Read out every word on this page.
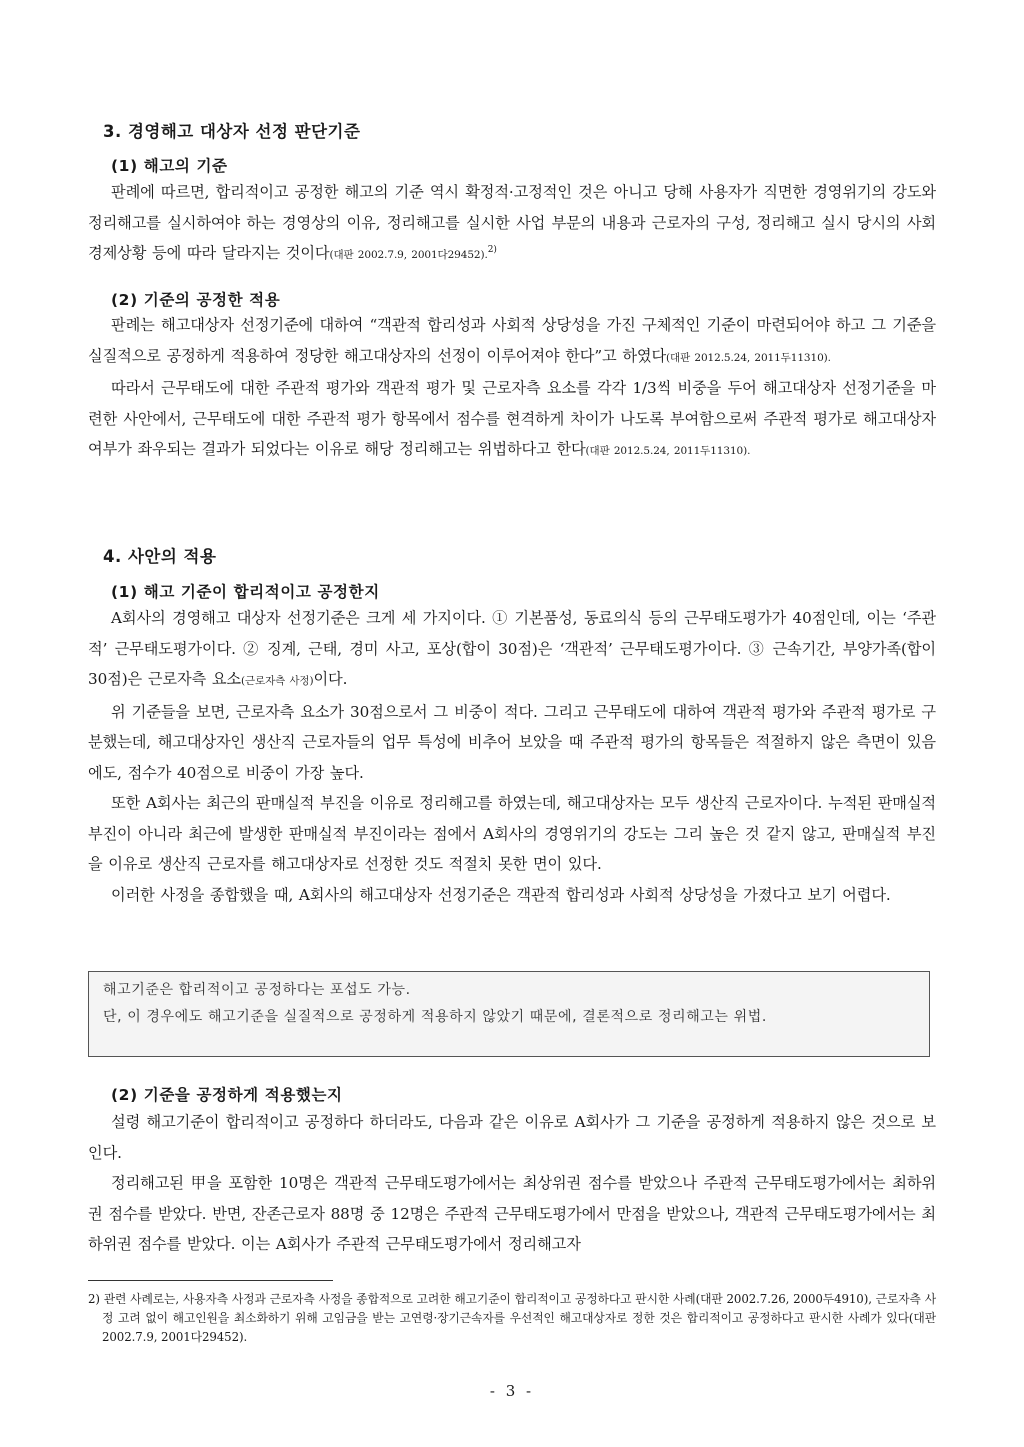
3. 경영해고 대상자 선정 판단기준
(1) 해고의 기준

판례에 따르면, 합리적이고 공정한 해고의 기준 역시 확정적·고정적인 것은 아니고 당해 사용자가 직면한 경영위기의 강도와 정리해고를 실시하여야 하는 경영상의 이유, 정리해고를 실시한 사업 부문의 내용과 근로자의 구성, 정리해고 실시 당시의 사회경제상황 등에 따라 달라지는 것이다(대판 2002.7.9, 2001다29452).$^{2)}$

(2) 기준의 공정한 적용

판례는 해고대상자 선정기준에 대하여 “객관적 합리성과 사회적 상당성을 가진 구체적인 기준이 마련되어야 하고 그 기준을 실질적으로 공정하게 적용하여 정당한 해고대상자의 선정이 이루어져야 한다”고 하였다(대판 2012.5.24, 2011두11310).

따라서 근무태도에 대한 주관적 평가와 객관적 평가 및 근로자측 요소를 각각 1/3씩 비중을 두어 해고대상자 선정기준을 마련한 사안에서, 근무태도에 대한 주관적 평가 항목에서 점수를 현격하게 차이가 나도록 부여함으로써 주관적 평가로 해고대상자 여부가 좌우되는 결과가 되었다는 이유로 해당 정리해고는 위법하다고 한다(대판 2012.5.24, 2011두11310).

4. 사안의 적용
(1) 해고 기준이 합리적이고 공정한지

A회사의 경영해고 대상자 선정기준은 크게 세 가지이다. ① 기본품성, 동료의식 등의 근무태도평가가 40점인데, 이는 ‘주관적’ 근무태도평가이다. ② 징계, 근태, 경미 사고, 포상(합이 30점)은 ‘객관적’ 근무태도평가이다. ③ 근속기간, 부양가족(합이 30점)은 근로자측 요소(근로자측 사정)이다.

위 기준들을 보면, 근로자측 요소가 30점으로서 그 비중이 적다. 그리고 근무태도에 대하여 객관적 평가와 주관적 평가로 구분했는데, 해고대상자인 생산직 근로자들의 업무 특성에 비추어 보았을 때 주관적 평가의 항목들은 적절하지 않은 측면이 있음에도, 점수가 40점으로 비중이 가장 높다.

또한 A회사는 최근의 판매실적 부진을 이유로 정리해고를 하였는데, 해고대상자는 모두 생산직 근로자이다. 누적된 판매실적 부진이 아니라 최근에 발생한 판매실적 부진이라는 점에서 A회사의 경영위기의 강도는 그리 높은 것 같지 않고, 판매실적 부진을 이유로 생산직 근로자를 해고대상자로 선정한 것도 적절치 못한 면이 있다.

이러한 사정을 종합했을 때, A회사의 해고대상자 선정기준은 객관적 합리성과 사회적 상당성을 가졌다고 보기 어렵다.

해고기준은 합리적이고 공정하다는 포섭도 가능.
단, 이 경우에도 해고기준을 실질적으로 공정하게 적용하지 않았기 때문에, 결론적으로 정리해고는 위법.
(2) 기준을 공정하게 적용했는지

설령 해고기준이 합리적이고 공정하다 하더라도, 다음과 같은 이유로 A회사가 그 기준을 공정하게 적용하지 않은 것으로 보인다.

정리해고된 甲을 포함한 10명은 객관적 근무태도평가에서는 최상위권 점수를 받았으나 주관적 근무태도평가에서는 최하위권 점수를 받았다. 반면, 잔존근로자 88명 중 12명은 주관적 근무태도평가에서 만점을 받았으나, 객관적 근무태도평가에서는 최하위권 점수를 받았다. 이는 A회사가 주관적 근무태도평가에서 정리해고자

2) 관련 사례로는, 사용자측 사정과 근로자측 사정을 종합적으로 고려한 해고기준이 합리적이고 공정하다고 판시한 사례(대판 2002.7.26, 2000두4910), 근로자측 사정 고려 없이 해고인원을 최소화하기 위해 고임금을 받는 고연령·장기근속자를 우선적인 해고대상자로 정한 것은 합리적이고 공정하다고 판시한 사례가 있다(대판 2002.7.9, 2001다29452).
- 3 -
